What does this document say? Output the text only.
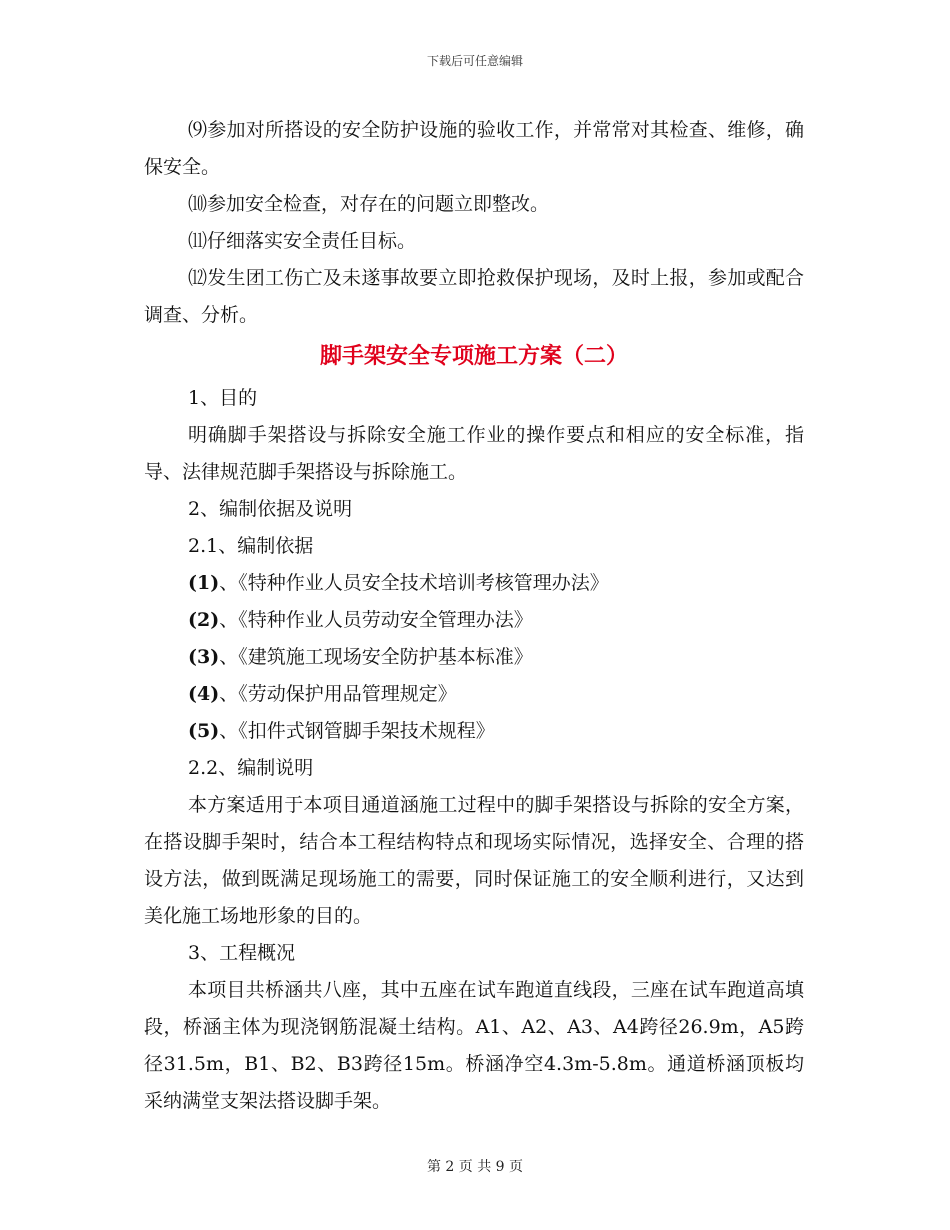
下载后可任意编辑

⑼参加对所搭设的安全防护设施的验收工作，并常常对其检查、维修，确保安全。

⑽参加安全检查，对存在的问题立即整改。

⑾仔细落实安全责任目标。

⑿发生团工伤亡及未遂事故要立即抢救保护现场，及时上报，参加或配合调查、分析。

脚手架安全专项施工方案（二）

1、目的

明确脚手架搭设与拆除安全施工作业的操作要点和相应的安全标准，指导、法律规范脚手架搭设与拆除施工。

2、编制依据及说明

2.1、编制依据

(1)、《特种作业人员安全技术培训考核管理办法》

(2)、《特种作业人员劳动安全管理办法》

(3)、《建筑施工现场安全防护基本标准》

(4)、《劳动保护用品管理规定》

(5)、《扣件式钢管脚手架技术规程》

2.2、编制说明

本方案适用于本项目通道涵施工过程中的脚手架搭设与拆除的安全方案，在搭设脚手架时，结合本工程结构特点和现场实际情况，选择安全、合理的搭设方法，做到既满足现场施工的需要，同时保证施工的安全顺利进行，又达到美化施工场地形象的目的。

3、工程概况

本项目共桥涵共八座，其中五座在试车跑道直线段，三座在试车跑道高填段，桥涵主体为现浇钢筋混凝土结构。A1、A2、A3、A4跨径26.9m，A5跨径31.5m，B1、B2、B3跨径15m。桥涵净空4.3m-5.8m。通道桥涵顶板均采纳满堂支架法搭设脚手架。

第 2 页 共 9 页
